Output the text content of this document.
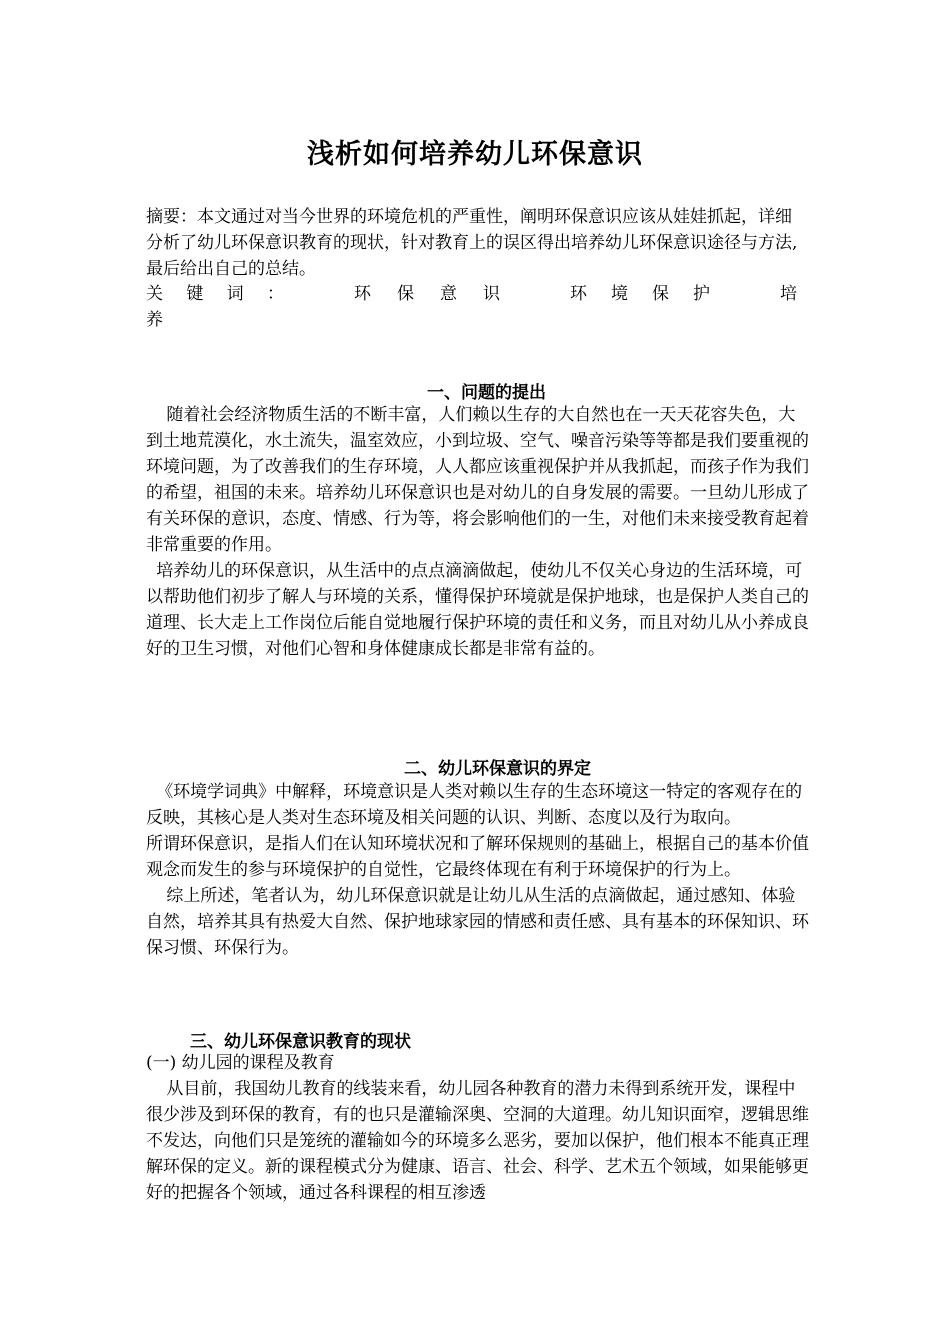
浅析如何培养幼儿环保意识

摘要：本文通过对当今世界的环境危机的严重性，阐明环保意识应该从娃娃抓起，详细分析了幼儿环保意识教育的现状，针对教育上的误区得出培养幼儿环保意识途径与方法,最后给出自己的总结。

关 键 词 ：	环 保 意 识	环 境 保 护	培
养
一、问题的提出

随着社会经济物质生活的不断丰富，人们赖以生存的大自然也在一天天花容失色，大到土地荒漠化，水土流失，温室效应，小到垃圾、空气、噪音污染等等都是我们要重视的环境问题，为了改善我们的生存环境，人人都应该重视保护并从我抓起，而孩子作为我们的希望，祖国的未来。培养幼儿环保意识也是对幼儿的自身发展的需要。一旦幼儿形成了有关环保的意识，态度、情感、行为等，将会影响他们的一生，对他们未来接受教育起着非常重要的作用。

培养幼儿的环保意识，从生活中的点点滴滴做起，使幼儿不仅关心身边的生活环境，可以帮助他们初步了解人与环境的关系，懂得保护环境就是保护地球，也是保护人类自己的道理、长大走上工作岗位后能自觉地履行保护环境的责任和义务，而且对幼儿从小养成良好的卫生习惯，对他们心智和身体健康成长都是非常有益的。

二、幼儿环保意识的界定

《环境学词典》中解释，环境意识是人类对赖以生存的生态环境这一特定的客观存在的反映，其核心是人类对生态环境及相关问题的认识、判断、态度以及行为取向。

所谓环保意识，是指人们在认知环境状况和了解环保规则的基础上，根据自己的基本价值观念而发生的参与环境保护的自觉性，它最终体现在有利于环境保护的行为上。

综上所述，笔者认为，幼儿环保意识就是让幼儿从生活的点滴做起，通过感知、体验自然，培养其具有热爱大自然、保护地球家园的情感和责任感、具有基本的环保知识、环保习惯、环保行为。

三、幼儿环保意识教育的现状

(一) 幼儿园的课程及教育

从目前，我国幼儿教育的线装来看，幼儿园各种教育的潜力未得到系统开发，课程中很少涉及到环保的教育，有的也只是灌输深奥、空洞的大道理。幼儿知识面窄，逻辑思维不发达，向他们只是笼统的灌输如今的环境多么恶劣，要加以保护，他们根本不能真正理解环保的定义。新的课程模式分为健康、语言、社会、科学、艺术五个领域，如果能够更好的把握各个领域，通过各科课程的相互渗透
